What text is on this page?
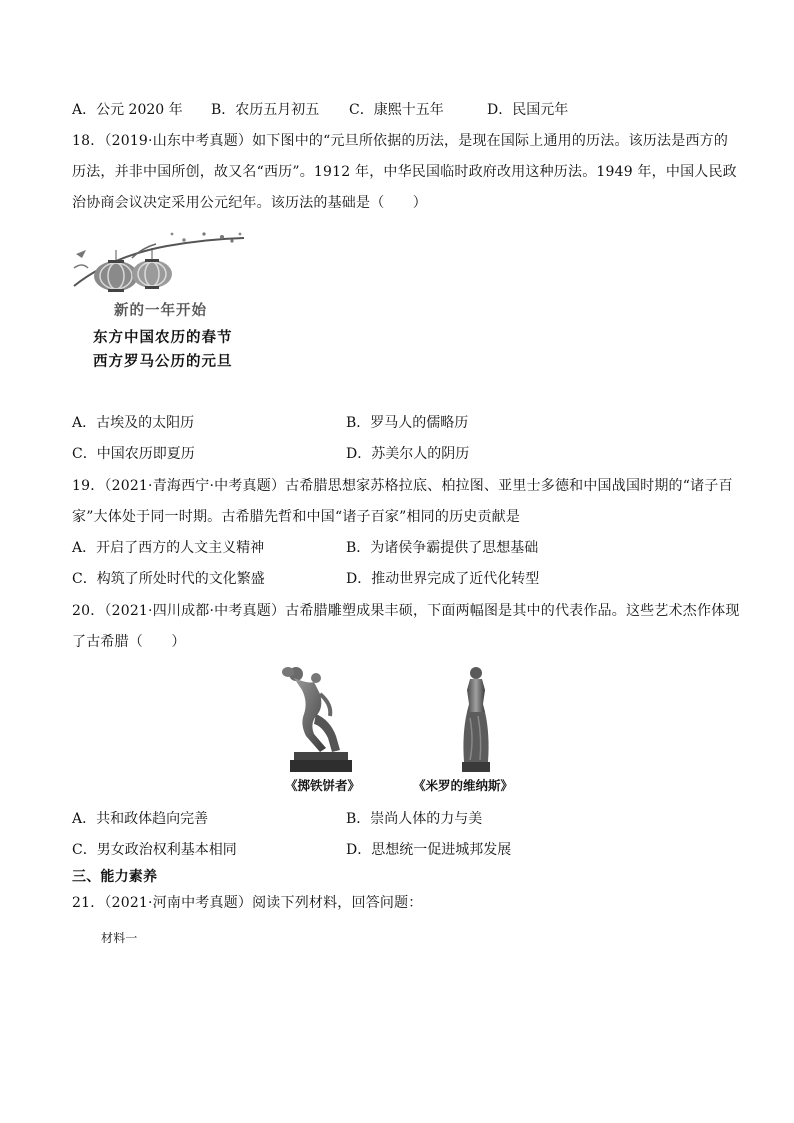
A．公元 2020 年 B．农历五月初五 C．康熙十五年	D．民国元年
18．（2019·山东中考真题）如下图中的“元旦所依据的历法，是现在国际上通用的历法。该历法是西方的
历法，并非中国所创，故又名“西历”。1912 年，中华民国临时政府改用这种历法。1949 年，中国人民政
治协商会议决定采用公元纪年。该历法的基础是（　　）
新的一年开始
东方中国农历的春节
西方罗马公历的元旦
A．古埃及的太阳历	B．罗马人的儒略历
C．中国农历即夏历	D．苏美尔人的阴历
19．（2021·青海西宁·中考真题）古希腊思想家苏格拉底、柏拉图、亚里士多德和中国战国时期的“诸子百
家”大体处于同一时期。古希腊先哲和中国“诸子百家”相同的历史贡献是
A．开启了西方的人文主义精神	B．为诸侯争霸提供了思想基础
C．构筑了所处时代的文化繁盛	D．推动世界完成了近代化转型
20．（2021·四川成都·中考真题）古希腊雕塑成果丰硕，下面两幅图是其中的代表作品。这些艺术杰作体现
了古希腊（　　）
《掷铁饼者》	《米罗的维纳斯》
A．共和政体趋向完善	B．崇尚人体的力与美
C．男女政治权利基本相同	D．思想统一促进城邦发展
三、能力素养
21．（2021·河南中考真题）阅读下列材料，回答问题：
材料一
